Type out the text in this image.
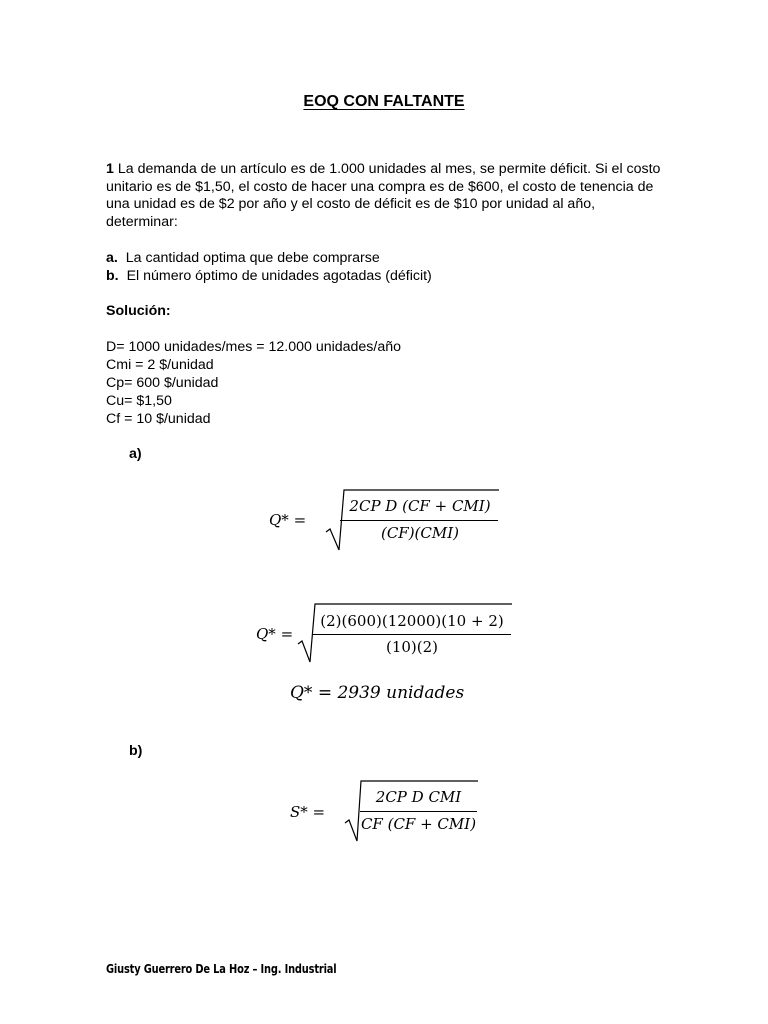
EOQ CON FALTANTE
1 La demanda de un artículo es de 1.000 unidades al mes, se permite déficit. Si el costo unitario es de $1,50, el costo de hacer una compra es de $600, el costo de tenencia de una unidad es de $2 por año y el costo de déficit es de $10 por unidad al año, determinar:
a. La cantidad optima que debe comprarse
b. El número óptimo de unidades agotadas (déficit)
Solución:
D= 1000 unidades/mes = 12.000 unidades/año
Cmi = 2 $/unidad
Cp= 600 $/unidad
Cu= $1,50
Cf = 10 $/unidad
a)
Q* =
2CP D (CF + CMI)
(CF)(CMI)
Q* =
(2)(600)(12000)(10 + 2)
(10)(2)
Q* = 2939 unidades
b)
S* =
2CP D CMI
CF (CF + CMI)
Giusty Guerrero De La Hoz – Ing. Industrial
